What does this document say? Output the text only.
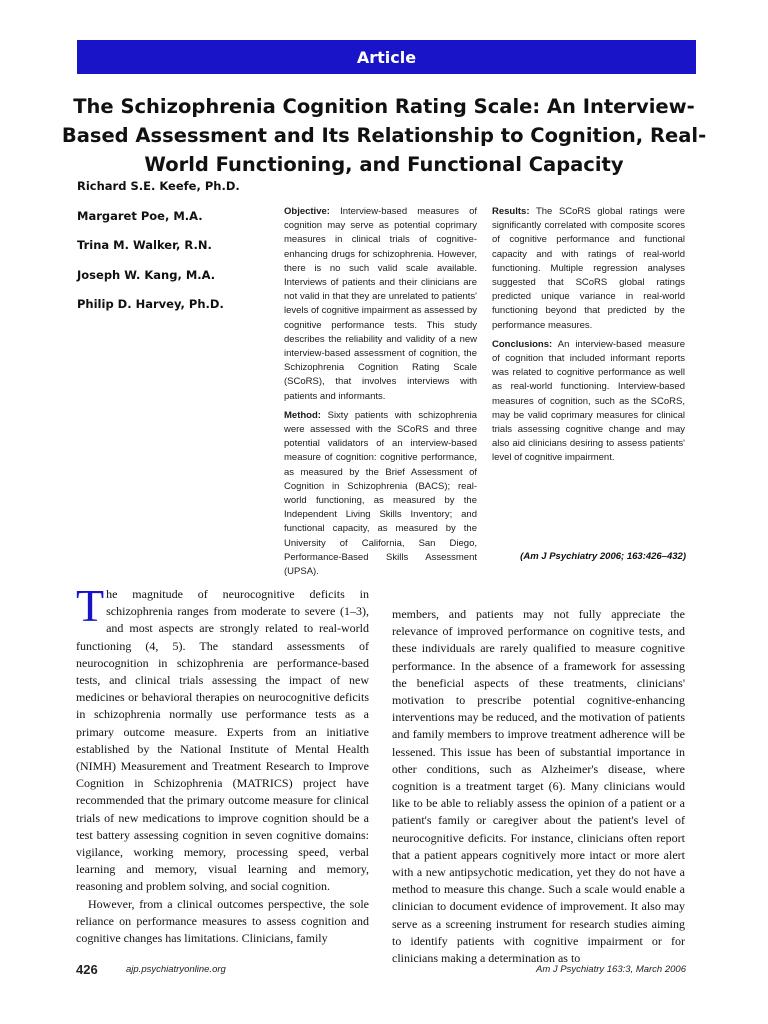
Article
The Schizophrenia Cognition Rating Scale: An Interview-Based Assessment and Its Relationship to Cognition, Real-World Functioning, and Functional Capacity
Richard S.E. Keefe, Ph.D.
Margaret Poe, M.A.
Trina M. Walker, R.N.
Joseph W. Kang, M.A.
Philip D. Harvey, Ph.D.

Objective: Interview-based measures of cognition may serve as potential coprimary measures in clinical trials of cognitive-enhancing drugs for schizophrenia. However, there is no such valid scale available. Interviews of patients and their clinicians are not valid in that they are unrelated to patients' levels of cognitive impairment as assessed by cognitive performance tests. This study describes the reliability and validity of a new interview-based assessment of cognition, the Schizophrenia Cognition Rating Scale (SCoRS), that involves interviews with patients and informants.

Method: Sixty patients with schizophrenia were assessed with the SCoRS and three potential validators of an interview-based measure of cognition: cognitive performance, as measured by the Brief Assessment of Cognition in Schizophrenia (BACS); real-world functioning, as measured by the Independent Living Skills Inventory; and functional capacity, as measured by the University of California, San Diego, Performance-Based Skills Assessment (UPSA).

Results: The SCoRS global ratings were significantly correlated with composite scores of cognitive performance and functional capacity and with ratings of real-world functioning. Multiple regression analyses suggested that SCoRS global ratings predicted unique variance in real-world functioning beyond that predicted by the performance measures.

Conclusions: An interview-based measure of cognition that included informant reports was related to cognitive performance as well as real-world functioning. Interview-based measures of cognition, such as the SCoRS, may be valid coprimary measures for clinical trials assessing cognitive change and may also aid clinicians desiring to assess patients' level of cognitive impairment.

(Am J Psychiatry 2006; 163:426–432)

The magnitude of neurocognitive deficits in schizophrenia ranges from moderate to severe (1–3), and most aspects are strongly related to real-world functioning (4, 5). The standard assessments of neurocognition in schizophrenia are performance-based tests, and clinical trials assessing the impact of new medicines or behavioral therapies on neurocognitive deficits in schizophrenia normally use performance tests as a primary outcome measure. Experts from an initiative established by the National Institute of Mental Health (NIMH) Measurement and Treatment Research to Improve Cognition in Schizophrenia (MATRICS) project have recommended that the primary outcome measure for clinical trials of new medications to improve cognition should be a test battery assessing cognition in seven cognitive domains: vigilance, working memory, processing speed, verbal learning and memory, visual learning and memory, reasoning and problem solving, and social cognition.

However, from a clinical outcomes perspective, the sole reliance on performance measures to assess cognition and cognitive changes has limitations. Clinicians, family

members, and patients may not fully appreciate the relevance of improved performance on cognitive tests, and these individuals are rarely qualified to measure cognitive performance. In the absence of a framework for assessing the beneficial aspects of these treatments, clinicians' motivation to prescribe potential cognitive-enhancing interventions may be reduced, and the motivation of patients and family members to improve treatment adherence will be lessened. This issue has been of substantial importance in other conditions, such as Alzheimer's disease, where cognition is a treatment target (6). Many clinicians would like to be able to reliably assess the opinion of a patient or a patient's family or caregiver about the patient's level of neurocognitive deficits. For instance, clinicians often report that a patient appears cognitively more intact or more alert with a new antipsychotic medication, yet they do not have a method to measure this change. Such a scale would enable a clinician to document evidence of improvement. It also may serve as a screening instrument for research studies aiming to identify patients with cognitive impairment or for clinicians making a determination as to

426	ajp.psychiatryonline.org	Am J Psychiatry 163:3, March 2006
